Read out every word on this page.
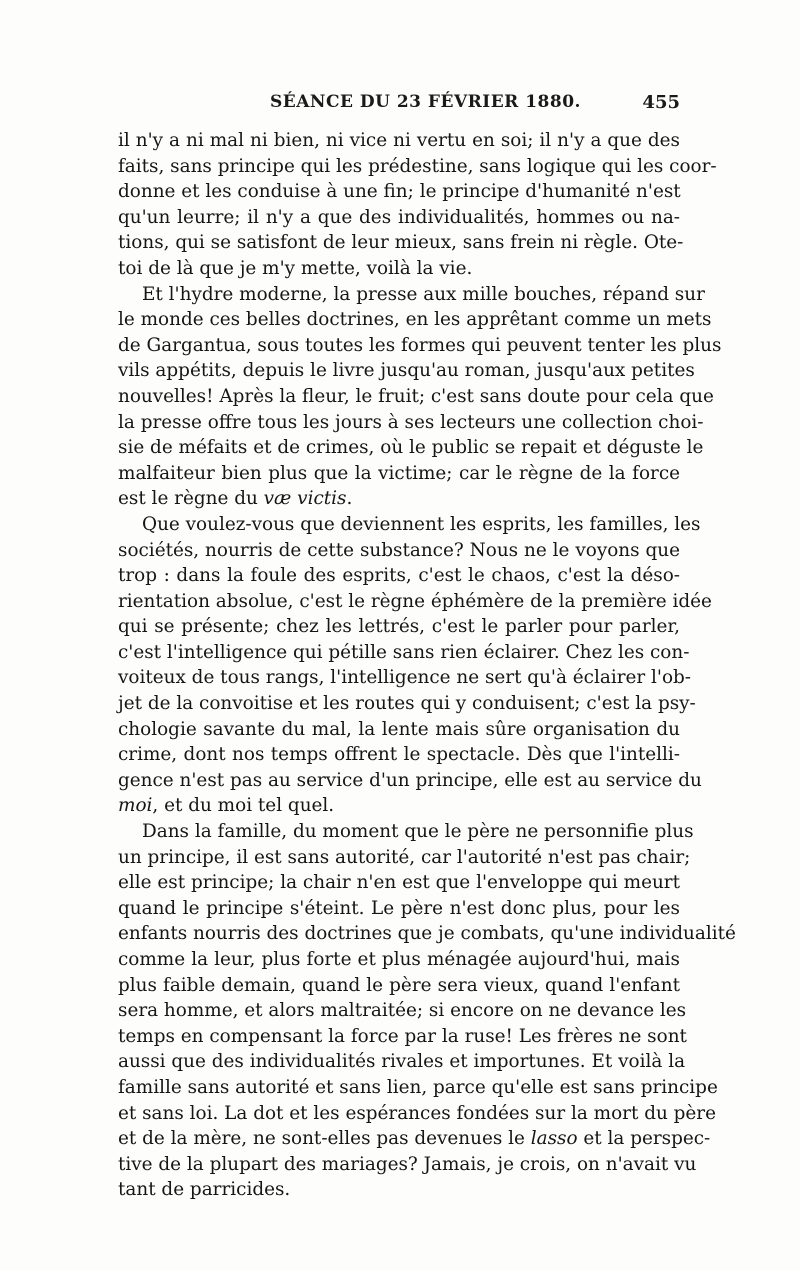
SÉANCE DU 23 FÉVRIER 1880.	455
il n'y a ni mal ni bien, ni vice ni vertu en soi; il n'y a que des
faits, sans principe qui les prédestine, sans logique qui les coor-
donne et les conduise à une fin; le principe d'humanité n'est
qu'un leurre; il n'y a que des individualités, hommes ou na-
tions, qui se satisfont de leur mieux, sans frein ni règle. Ote-
toi de là que je m'y mette, voilà la vie.
Et l'hydre moderne, la presse aux mille bouches, répand sur
le monde ces belles doctrines, en les apprêtant comme un mets
de Gargantua, sous toutes les formes qui peuvent tenter les plus
vils appétits, depuis le livre jusqu'au roman, jusqu'aux petites
nouvelles! Après la fleur, le fruit; c'est sans doute pour cela que
la presse offre tous les jours à ses lecteurs une collection choi-
sie de méfaits et de crimes, où le public se repait et déguste le
malfaiteur bien plus que la victime; car le règne de la force
est le règne du væ victis.
Que voulez-vous que deviennent les esprits, les familles, les
sociétés, nourris de cette substance? Nous ne le voyons que
trop : dans la foule des esprits, c'est le chaos, c'est la déso-
rientation absolue, c'est le règne éphémère de la première idée
qui se présente; chez les lettrés, c'est le parler pour parler,
c'est l'intelligence qui pétille sans rien éclairer. Chez les con-
voiteux de tous rangs, l'intelligence ne sert qu'à éclairer l'ob-
jet de la convoitise et les routes qui y conduisent; c'est la psy-
chologie savante du mal, la lente mais sûre organisation du
crime, dont nos temps offrent le spectacle. Dès que l'intelli-
gence n'est pas au service d'un principe, elle est au service du
moi, et du moi tel quel.
Dans la famille, du moment que le père ne personnifie plus
un principe, il est sans autorité, car l'autorité n'est pas chair;
elle est principe; la chair n'en est que l'enveloppe qui meurt
quand le principe s'éteint. Le père n'est donc plus, pour les
enfants nourris des doctrines que je combats, qu'une individualité
comme la leur, plus forte et plus ménagée aujourd'hui, mais
plus faible demain, quand le père sera vieux, quand l'enfant
sera homme, et alors maltraitée; si encore on ne devance les
temps en compensant la force par la ruse! Les frères ne sont
aussi que des individualités rivales et importunes. Et voilà la
famille sans autorité et sans lien, parce qu'elle est sans principe
et sans loi. La dot et les espérances fondées sur la mort du père
et de la mère, ne sont-elles pas devenues le lasso et la perspec-
tive de la plupart des mariages? Jamais, je crois, on n'avait vu
tant de parricides.
